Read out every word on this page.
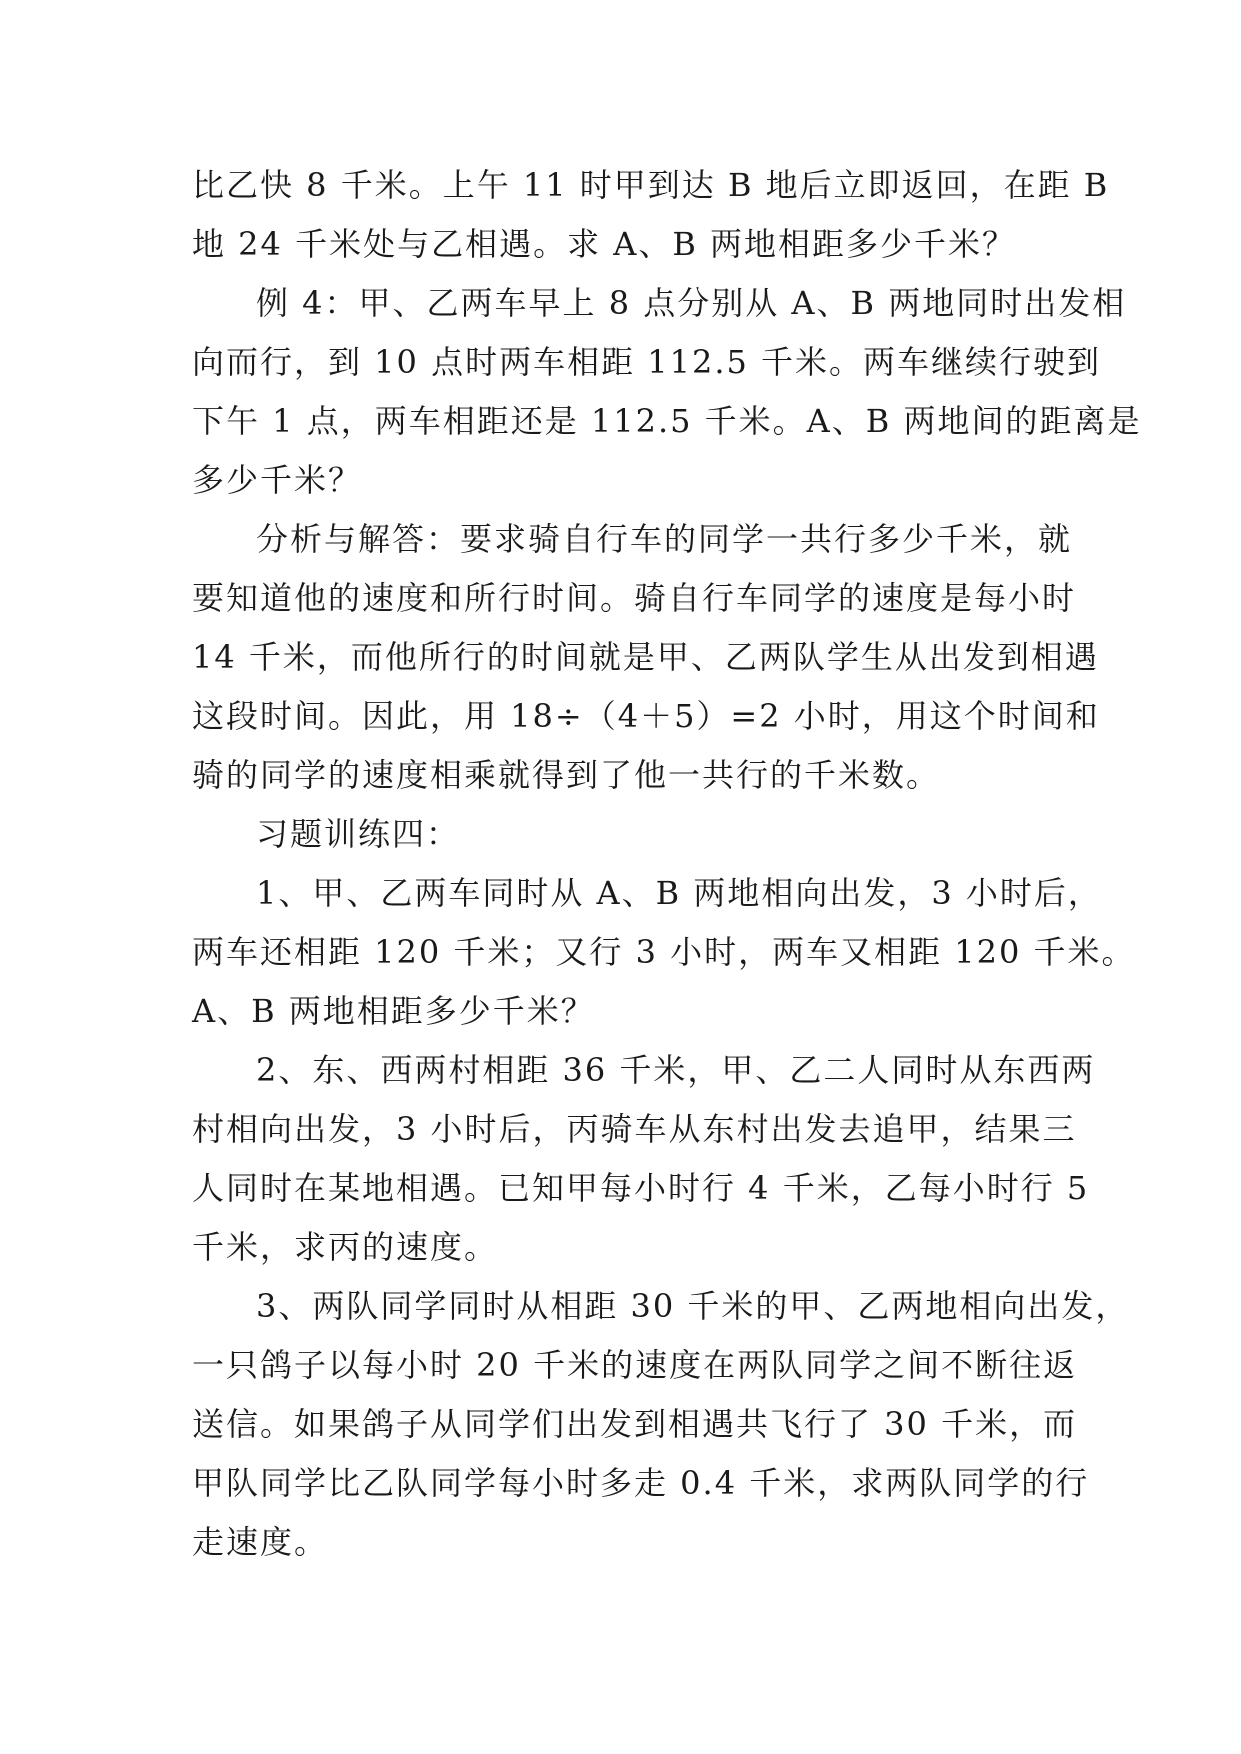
比乙快 8 千米。上午 11 时甲到达 B 地后立即返回，在距 B
地 24 千米处与乙相遇。求 A、B 两地相距多少千米？
例 4：甲、乙两车早上 8 点分别从 A、B 两地同时出发相
向而行，到 10 点时两车相距 112.5 千米。两车继续行驶到
下午 1 点，两车相距还是 112.5 千米。A、B 两地间的距离是
多少千米？
分析与解答：要求骑自行车的同学一共行多少千米，就
要知道他的速度和所行时间。骑自行车同学的速度是每小时
14 千米，而他所行的时间就是甲、乙两队学生从出发到相遇
这段时间。因此，用 18÷（4＋5）=2 小时，用这个时间和
骑的同学的速度相乘就得到了他一共行的千米数。
习题训练四：
1、甲、乙两车同时从 A、B 两地相向出发，3 小时后，
两车还相距 120 千米；又行 3 小时，两车又相距 120 千米。
A、B 两地相距多少千米？
2、东、西两村相距 36 千米，甲、乙二人同时从东西两
村相向出发，3 小时后，丙骑车从东村出发去追甲，结果三
人同时在某地相遇。已知甲每小时行 4 千米，乙每小时行 5
千米，求丙的速度。
3、两队同学同时从相距 30 千米的甲、乙两地相向出发，
一只鸽子以每小时 20 千米的速度在两队同学之间不断往返
送信。如果鸽子从同学们出发到相遇共飞行了 30 千米，而
甲队同学比乙队同学每小时多走 0.4 千米，求两队同学的行
走速度。
